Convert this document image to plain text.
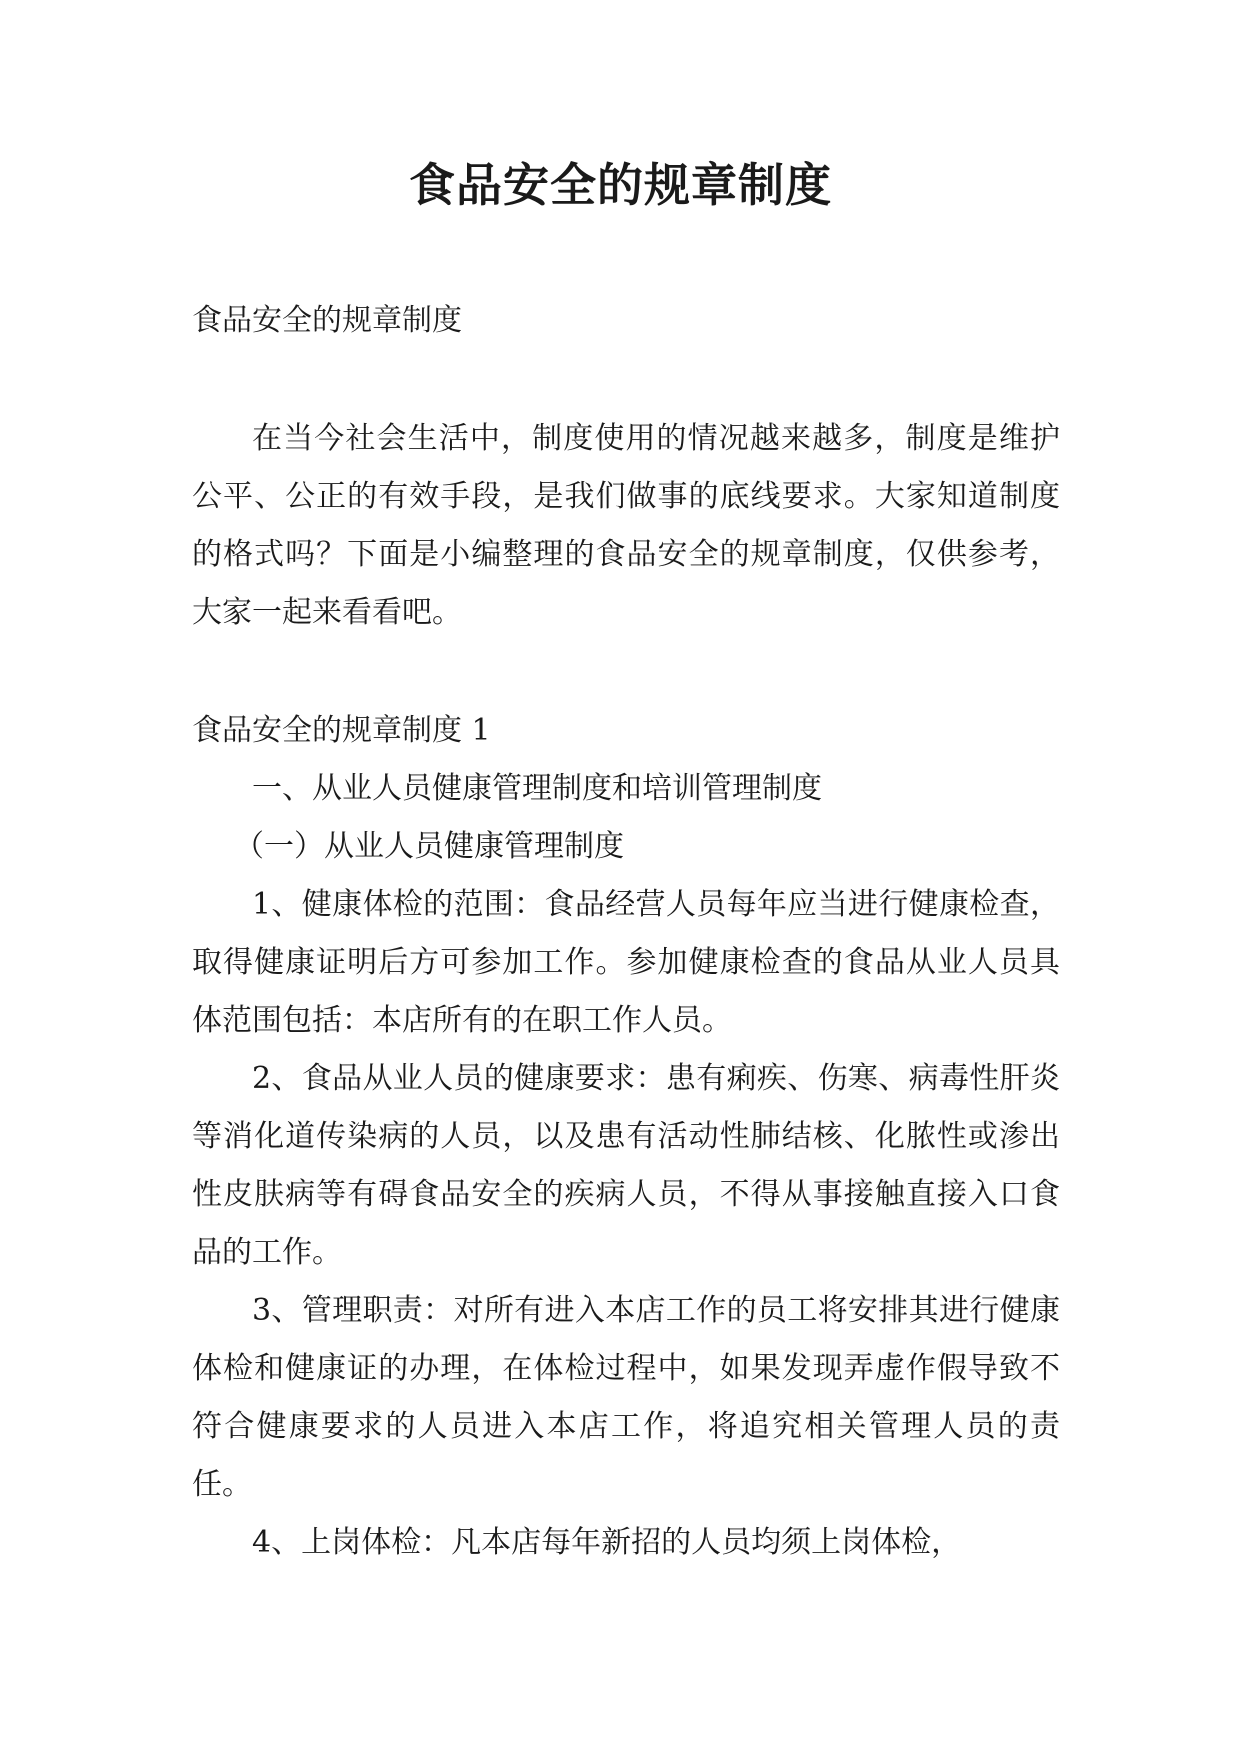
食品安全的规章制度

食品安全的规章制度

在当今社会生活中，制度使用的情况越来越多，制度是维护公平、公正的有效手段，是我们做事的底线要求。大家知道制度的格式吗？下面是小编整理的食品安全的规章制度，仅供参考，大家一起来看看吧。

食品安全的规章制度 1

一、从业人员健康管理制度和培训管理制度

（一）从业人员健康管理制度

1、健康体检的范围：食品经营人员每年应当进行健康检查，取得健康证明后方可参加工作。参加健康检查的食品从业人员具体范围包括：本店所有的在职工作人员。

2、食品从业人员的健康要求：患有痢疾、伤寒、病毒性肝炎等消化道传染病的人员，以及患有活动性肺结核、化脓性或渗出性皮肤病等有碍食品安全的疾病人员，不得从事接触直接入口食品的工作。

3、管理职责：对所有进入本店工作的员工将安排其进行健康体检和健康证的办理，在体检过程中，如果发现弄虚作假导致不符合健康要求的人员进入本店工作，将追究相关管理人员的责任。

4、上岗体检：凡本店每年新招的人员均须上岗体检，
